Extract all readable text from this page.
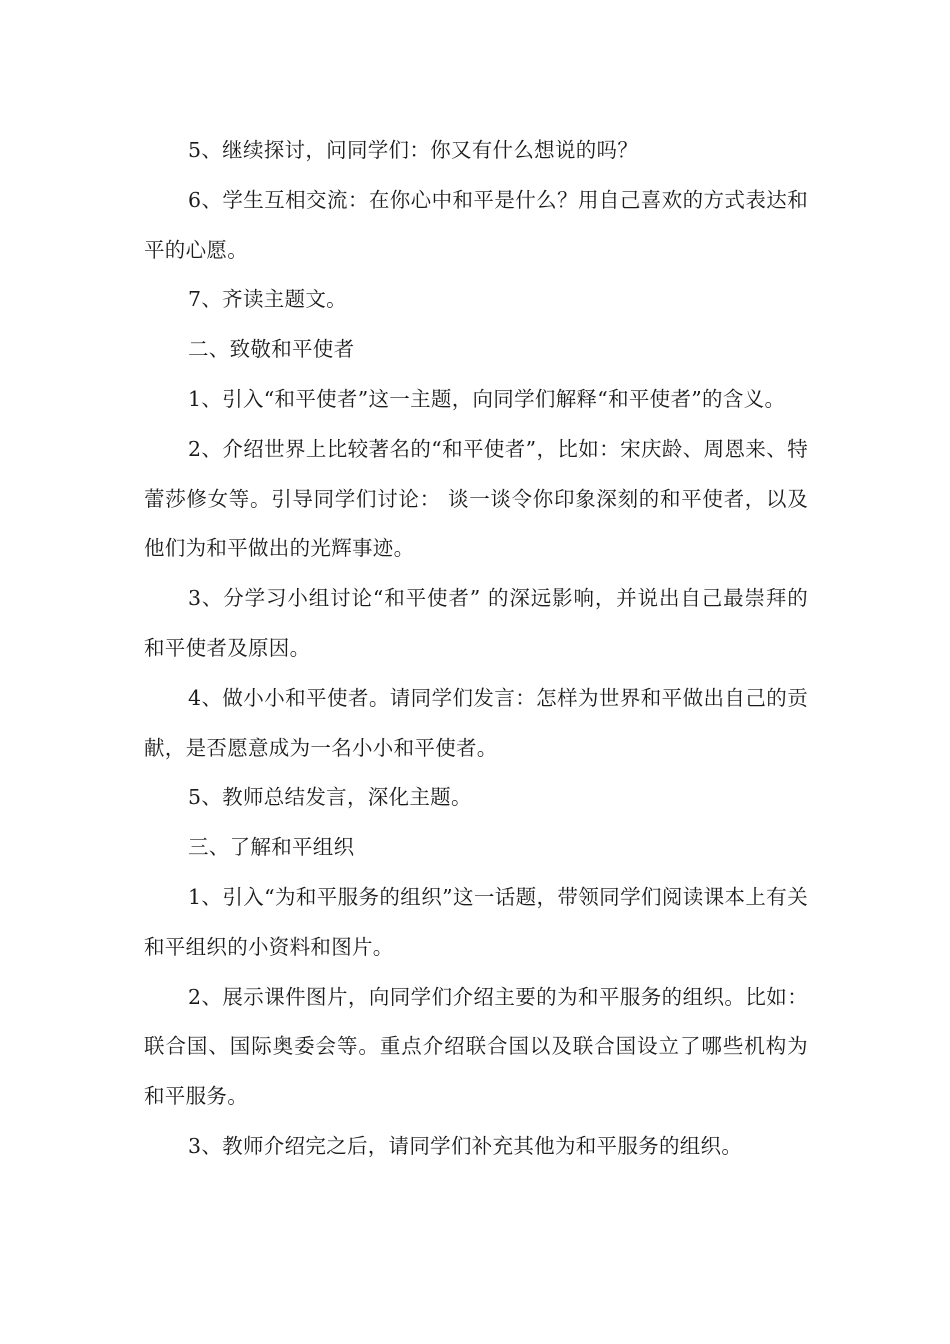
5、继续探讨，问同学们：你又有什么想说的吗？

6、学生互相交流：在你心中和平是什么？用自己喜欢的方式表达和平的心愿。

7、齐读主题文。

二、致敬和平使者

1、引入“和平使者”这一主题，向同学们解释“和平使者”的含义。

2、介绍世界上比较著名的“和平使者”，比如：宋庆龄、周恩来、特蕾莎修女等。引导同学们讨论： 谈一谈令你印象深刻的和平使者，以及他们为和平做出的光辉事迹。

3、分学习小组讨论“和平使者” 的深远影响，并说出自己最崇拜的和平使者及原因。

4、做小小和平使者。请同学们发言：怎样为世界和平做出自己的贡献，是否愿意成为一名小小和平使者。

5、教师总结发言，深化主题。

三、了解和平组织

1、引入“为和平服务的组织”这一话题，带领同学们阅读课本上有关和平组织的小资料和图片。

2、展示课件图片，向同学们介绍主要的为和平服务的组织。比如：联合国、国际奥委会等。重点介绍联合国以及联合国设立了哪些机构为和平服务。

3、教师介绍完之后，请同学们补充其他为和平服务的组织。
